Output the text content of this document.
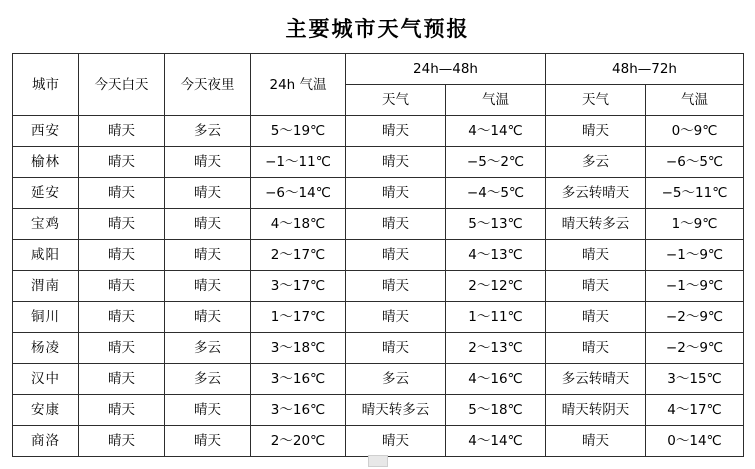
主要城市天气预报
城市	今天白天	今天夜里	24h 气温	24h—48h		48h—72h	
				天气	气温	天气	气温
西安	晴天	多云	5～19℃	晴天	4～14℃	晴天	0～9℃
榆林	晴天	晴天	−1～11℃	晴天	−5～2℃	多云	−6～5℃
延安	晴天	晴天	−6～14℃	晴天	−4～5℃	多云转晴天	−5～11℃
宝鸡	晴天	晴天	4～18℃	晴天	5～13℃	晴天转多云	1～9℃
咸阳	晴天	晴天	2～17℃	晴天	4～13℃	晴天	−1～9℃
渭南	晴天	晴天	3～17℃	晴天	2～12℃	晴天	−1～9℃
铜川	晴天	晴天	1～17℃	晴天	1～11℃	晴天	−2～9℃
杨凌	晴天	多云	3～18℃	晴天	2～13℃	晴天	−2～9℃
汉中	晴天	多云	3～16℃	多云	4～16℃	多云转晴天	3～15℃
安康	晴天	晴天	3～16℃	晴天转多云	5～18℃	晴天转阴天	4～17℃
商洛	晴天	晴天	2～20℃	晴天	4～14℃	晴天	0～14℃
